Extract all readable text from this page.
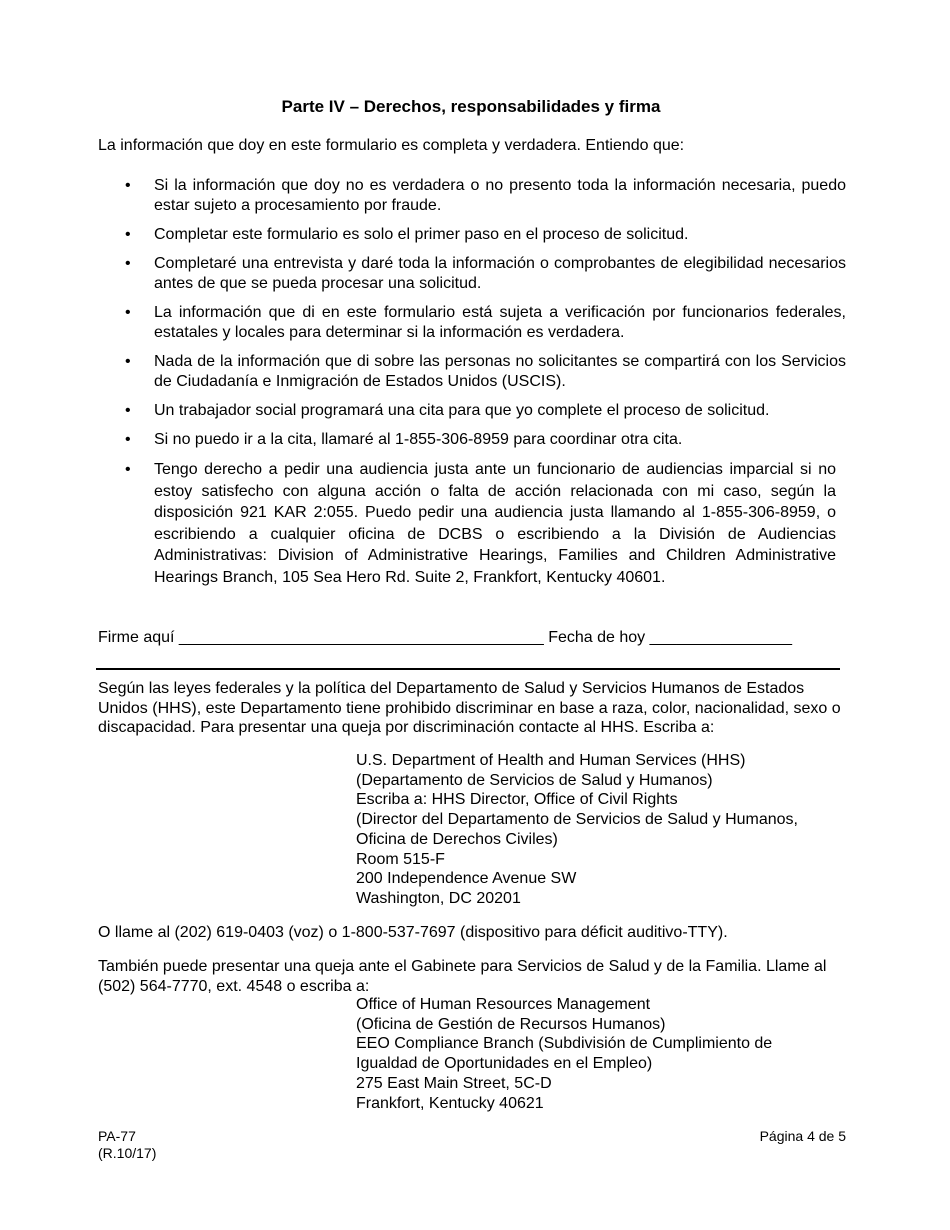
Parte IV – Derechos, responsabilidades y firma
La información que doy en este formulario es completa y verdadera. Entiendo que:
• Si la información que doy no es verdadera o no presento toda la información necesaria, puedo estar sujeto a procesamiento por fraude.
• Completar este formulario es solo el primer paso en el proceso de solicitud.
• Completaré una entrevista y daré toda la información o comprobantes de elegibilidad necesarios antes de que se pueda procesar una solicitud.
• La información que di en este formulario está sujeta a verificación por funcionarios federales, estatales y locales para determinar si la información es verdadera.
• Nada de la información que di sobre las personas no solicitantes se compartirá con los Servicios de Ciudadanía e Inmigración de Estados Unidos (USCIS).
• Un trabajador social programará una cita para que yo complete el proceso de solicitud.
• Si no puedo ir a la cita, llamaré al 1-855-306-8959 para coordinar otra cita.
• Tengo derecho a pedir una audiencia justa ante un funcionario de audiencias imparcial si no estoy satisfecho con alguna acción o falta de acción relacionada con mi caso, según la disposición 921 KAR 2:055. Puedo pedir una audiencia justa llamando al 1-855-306-8959, o escribiendo a cualquier oficina de DCBS o escribiendo a la División de Audiencias Administrativas: Division of Administrative Hearings, Families and Children Administrative Hearings Branch, 105 Sea Hero Rd. Suite 2, Frankfort, Kentucky 40601.
Firme aquí _________________________________________ Fecha de hoy ________________
Según las leyes federales y la política del Departamento de Salud y Servicios Humanos de Estados Unidos (HHS), este Departamento tiene prohibido discriminar en base a raza, color, nacionalidad, sexo o discapacidad. Para presentar una queja por discriminación contacte al HHS. Escriba a:
U.S. Department of Health and Human Services (HHS)
(Departamento de Servicios de Salud y Humanos)
Escriba a: HHS Director, Office of Civil Rights
(Director del Departamento de Servicios de Salud y Humanos,
Oficina de Derechos Civiles)
Room 515-F
200 Independence Avenue SW
Washington, DC 20201
O llame al (202) 619-0403 (voz) o 1-800-537-7697 (dispositivo para déficit auditivo-TTY).
También puede presentar una queja ante el Gabinete para Servicios de Salud y de la Familia. Llame al (502) 564-7770, ext. 4548 o escriba a:
Office of Human Resources Management
(Oficina de Gestión de Recursos Humanos)
EEO Compliance Branch (Subdivisión de Cumplimiento de
Igualdad de Oportunidades en el Empleo)
275 East Main Street, 5C-D
Frankfort, Kentucky 40621
PA-77
(R.10/17)
Página 4 de 5
